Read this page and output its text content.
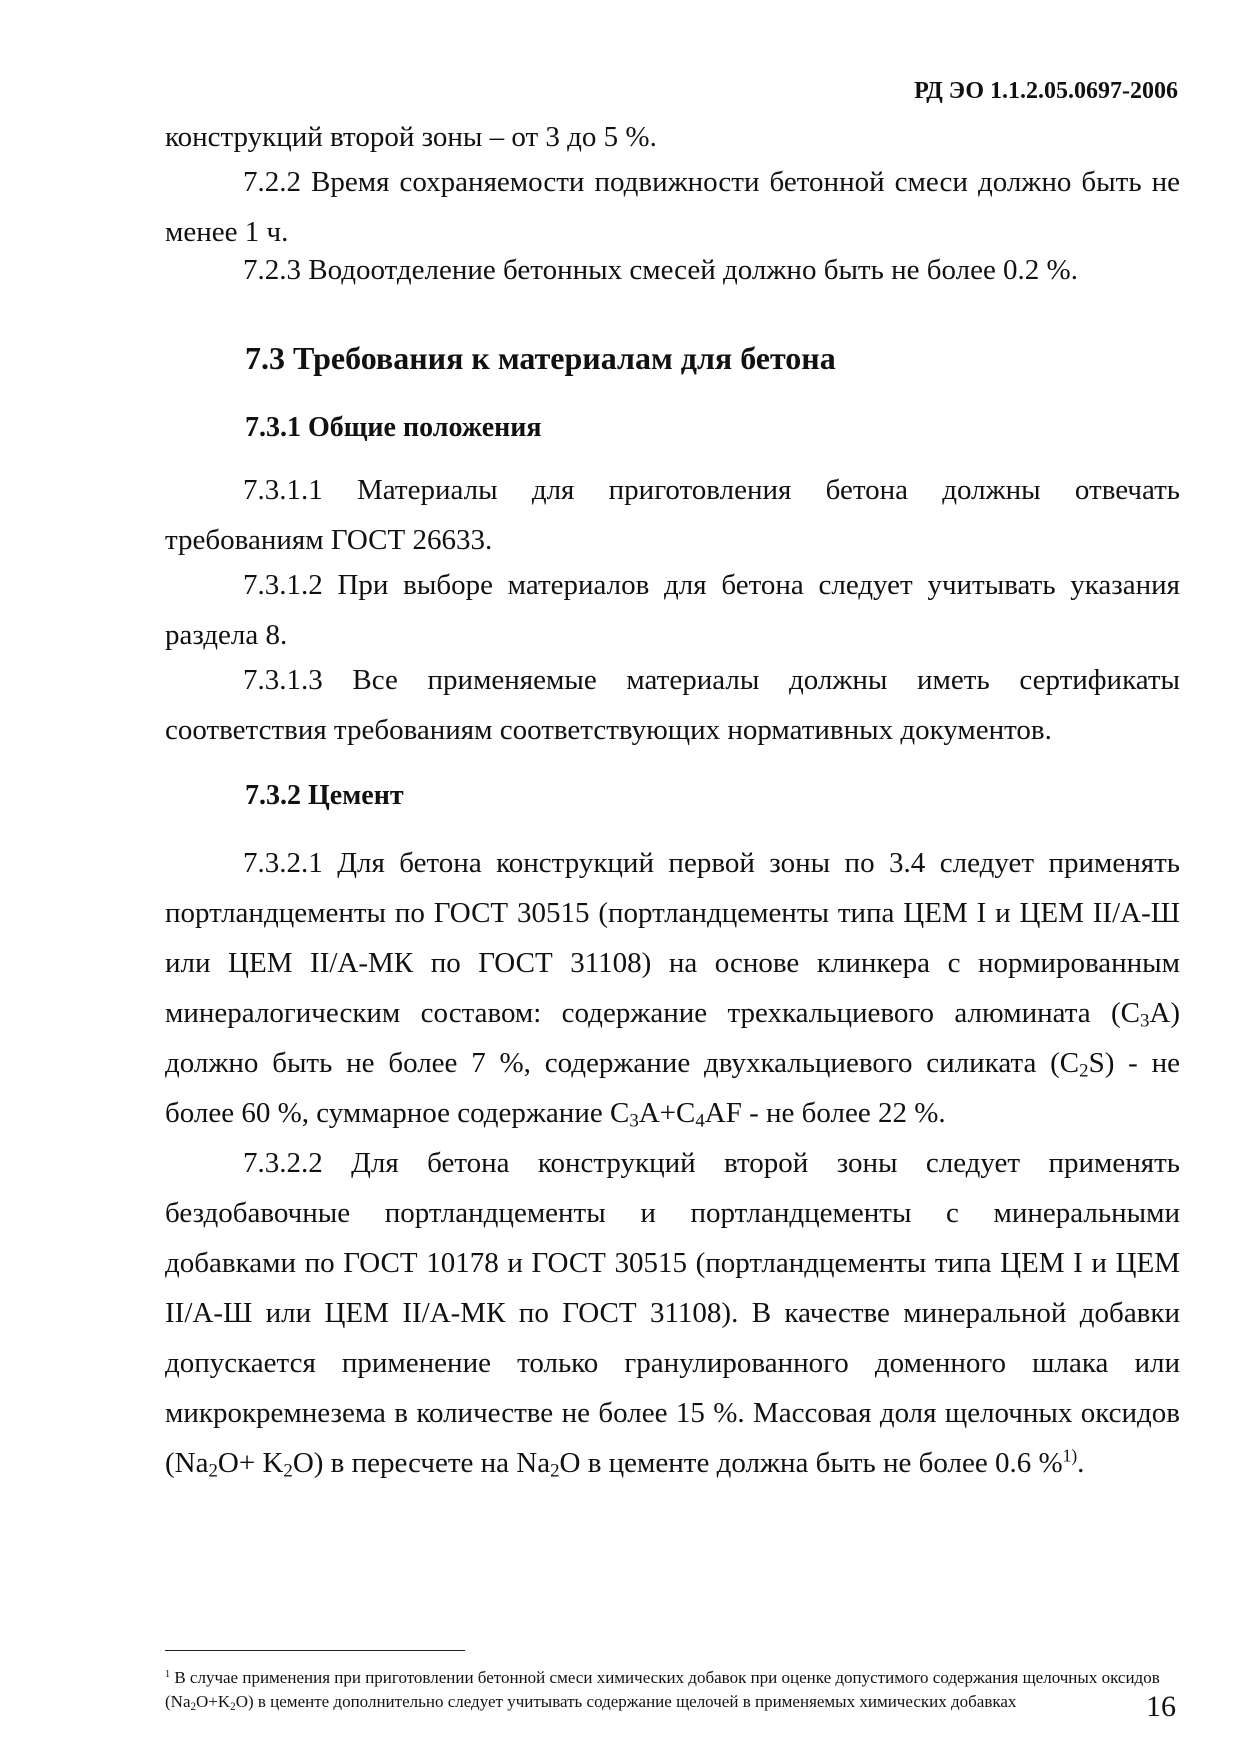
РД ЭО 1.1.2.05.0697-2006

конструкций второй зоны – от 3 до 5 %.

7.2.2 Время сохраняемости подвижности бетонной смеси должно быть не менее 1 ч.

7.2.3 Водоотделение бетонных смесей должно быть не более 0.2 %.

7.3 Требования к материалам для бетона
7.3.1 Общие положения

7.3.1.1 Материалы для приготовления бетона должны отвечать требованиям ГОСТ 26633.

7.3.1.2 При выборе материалов для бетона следует учитывать указания раздела 8.

7.3.1.3 Все применяемые материалы должны иметь сертификаты соответствия требованиям соответствующих нормативных документов.

7.3.2 Цемент

7.3.2.1 Для бетона конструкций первой зоны по 3.4 следует применять портландцементы по ГОСТ 30515 (портландцементы типа ЦЕМ I и ЦЕМ II/А-Ш или ЦЕМ II/А-МК по ГОСТ 31108) на основе клинкера с нормированным минералогическим составом: содержание трехкальциевого алюмината $(C_3A)$ должно быть не более 7 %, содержание двухкальциевого силиката $(C_2S)$ - не более 60 %, суммарное содержание $C_3A+C_4AF$ - не более 22 %.

7.3.2.2 Для бетона конструкций второй зоны следует применять бездобавочные портландцементы и портландцементы с минеральными добавками по ГОСТ 10178 и ГОСТ 30515 (портландцементы типа ЦЕМ I и ЦЕМ II/А-Ш или ЦЕМ II/А-МК по ГОСТ 31108). В качестве минеральной добавки допускается применение только гранулированного доменного шлака или микрокремнезема в количестве не более 15 %. Массовая доля щелочных оксидов $(Na_2O+ K_2O)$ в пересчете на $Na_2O$ в цементе должна быть не более 0.6 %$^{1)}$.

$^1$ В случае применения при приготовлении бетонной смеси химических добавок при оценке допустимого содержания щелочных оксидов $(Na_2O+K_2O)$ в цементе дополнительно следует учитывать содержание щелочей в применяемых химических добавках	16
